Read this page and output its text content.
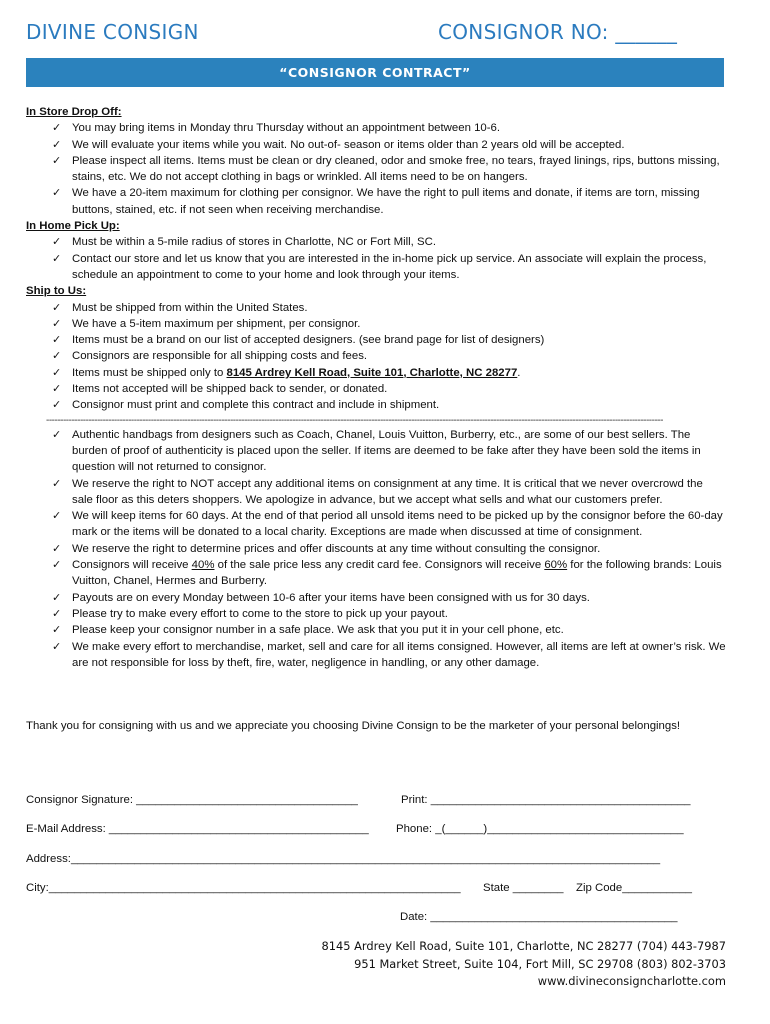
DIVINE CONSIGN	CONSIGNOR NO: ______
“CONSIGNOR CONTRACT”
In Store Drop Off:
✓ You may bring items in Monday thru Thursday without an appointment between 10-6.
✓ We will evaluate your items while you wait. No out-of- season or items older than 2 years old will be accepted.
✓ Please inspect all items. Items must be clean or dry cleaned, odor and smoke free, no tears, frayed linings, rips, buttons missing, stains, etc. We do not accept clothing in bags or wrinkled. All items need to be on hangers.
✓ We have a 20-item maximum for clothing per consignor. We have the right to pull items and donate, if items are torn, missing buttons, stained, etc. if not seen when receiving merchandise.
In Home Pick Up:
✓ Must be within a 5-mile radius of stores in Charlotte, NC or Fort Mill, SC.
✓ Contact our store and let us know that you are interested in the in-home pick up service. An associate will explain the process, schedule an appointment to come to your home and look through your items.
Ship to Us:
✓ Must be shipped from within the United States.
✓ We have a 5-item maximum per shipment, per consignor.
✓ Items must be a brand on our list of accepted designers. (see brand page for list of designers)
✓ Consignors are responsible for all shipping costs and fees.
✓ Items must be shipped only to 8145 Ardrey Kell Road, Suite 101, Charlotte, NC 28277.
✓ Items not accepted will be shipped back to sender, or donated.
✓ Consignor must print and complete this contract and include in shipment.
--------------------------------------------------------------------------------------------------------------------------------------------------------------------------------------------------------------------------
✓ Authentic handbags from designers such as Coach, Chanel, Louis Vuitton, Burberry, etc., are some of our best sellers. The burden of proof of authenticity is placed upon the seller. If items are deemed to be fake after they have been sold the items in question will not returned to consignor.
✓ We reserve the right to NOT accept any additional items on consignment at any time. It is critical that we never overcrowd the sale floor as this deters shoppers. We apologize in advance, but we accept what sells and what our customers prefer.
✓ We will keep items for 60 days. At the end of that period all unsold items need to be picked up by the consignor before the 60-day mark or the items will be donated to a local charity. Exceptions are made when discussed at time of consignment.
✓ We reserve the right to determine prices and offer discounts at any time without consulting the consignor.
✓ Consignors will receive 40% of the sale price less any credit card fee. Consignors will receive 60% for the following brands: Louis Vuitton, Chanel, Hermes and Burberry.
✓ Payouts are on every Monday between 10-6 after your items have been consigned with us for 30 days.
✓ Please try to make every effort to come to the store to pick up your payout.
✓ Please keep your consignor number in a safe place. We ask that you put it in your cell phone, etc.
✓ We make every effort to merchandise, market, sell and care for all items consigned. However, all items are left at owner’s risk. We are not responsible for loss by theft, fire, water, negligence in handling, or any other damage.
Thank you for consigning with us and we appreciate you choosing Divine Consign to be the marketer of your personal belongings!
Consignor Signature: ___________________________________	Print: _________________________________________
E-Mail Address: _________________________________________ Phone: _(______)_______________________________
Address:_____________________________________________________________________________________________
City:_________________________________________________________________ State ________ Zip Code___________
Date: _______________________________________
8145 Ardrey Kell Road, Suite 101, Charlotte, NC 28277 (704) 443-7987
951 Market Street, Suite 104, Fort Mill, SC 29708 (803) 802-3703
www.divineconsigncharlotte.com
